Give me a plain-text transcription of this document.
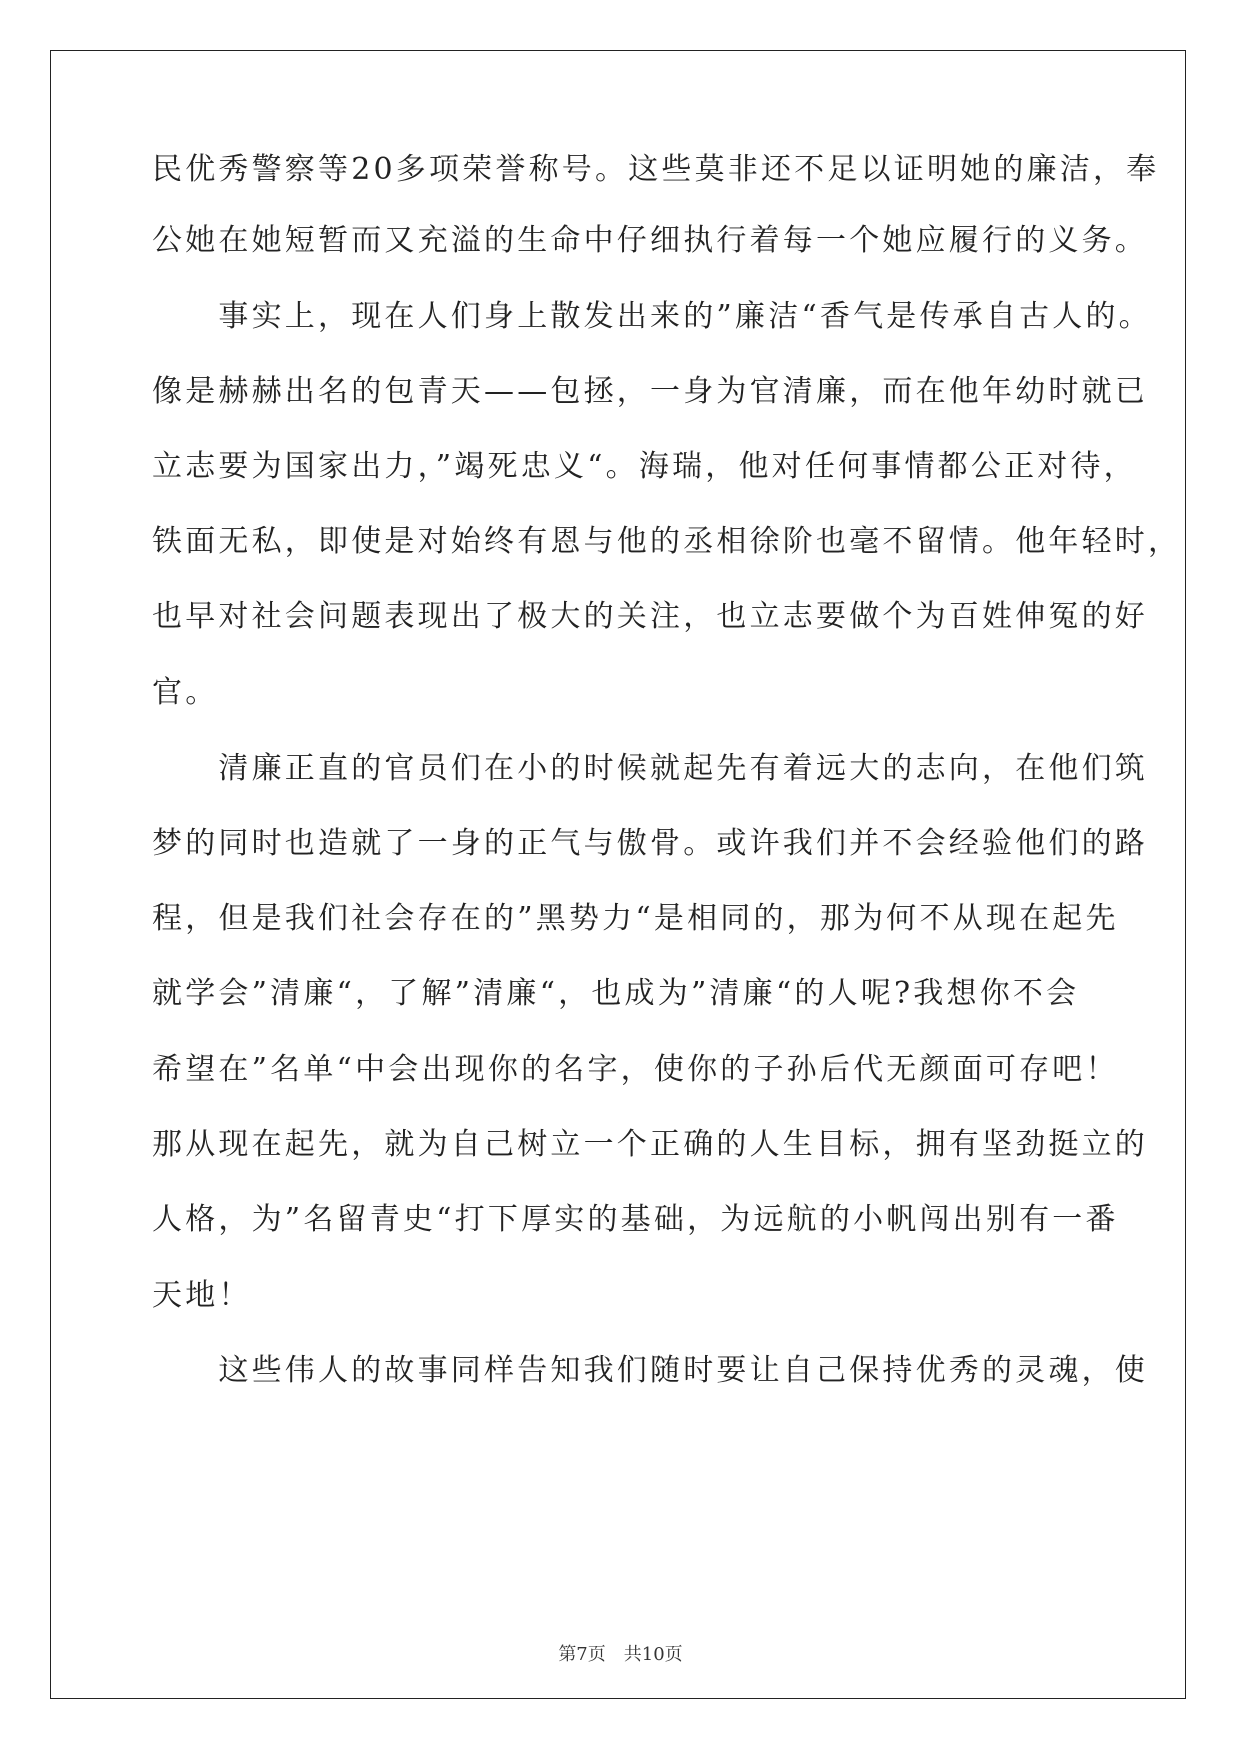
民优秀警察等20多项荣誉称号。这些莫非还不足以证明她的廉洁，奉
公她在她短暂而又充溢的生命中仔细执行着每一个她应履行的义务。
　　事实上，现在人们身上散发出来的”廉洁“香气是传承自古人的。
像是赫赫出名的包青天——包拯，一身为官清廉，而在他年幼时就已
立志要为国家出力，”竭死忠义“。海瑞，他对任何事情都公正对待，
铁面无私，即使是对始终有恩与他的丞相徐阶也毫不留情。他年轻时，
也早对社会问题表现出了极大的关注，也立志要做个为百姓伸冤的好
官。
　　清廉正直的官员们在小的时候就起先有着远大的志向，在他们筑
梦的同时也造就了一身的正气与傲骨。或许我们并不会经验他们的路
程，但是我们社会存在的”黑势力“是相同的，那为何不从现在起先
就学会”清廉“，了解”清廉“，也成为”清廉“的人呢?我想你不会
希望在”名单“中会出现你的名字，使你的子孙后代无颜面可存吧！
那从现在起先，就为自己树立一个正确的人生目标，拥有坚劲挺立的
人格，为”名留青史“打下厚实的基础，为远航的小帆闯出别有一番
天地！
　　这些伟人的故事同样告知我们随时要让自己保持优秀的灵魂，使
第7页　共10页
